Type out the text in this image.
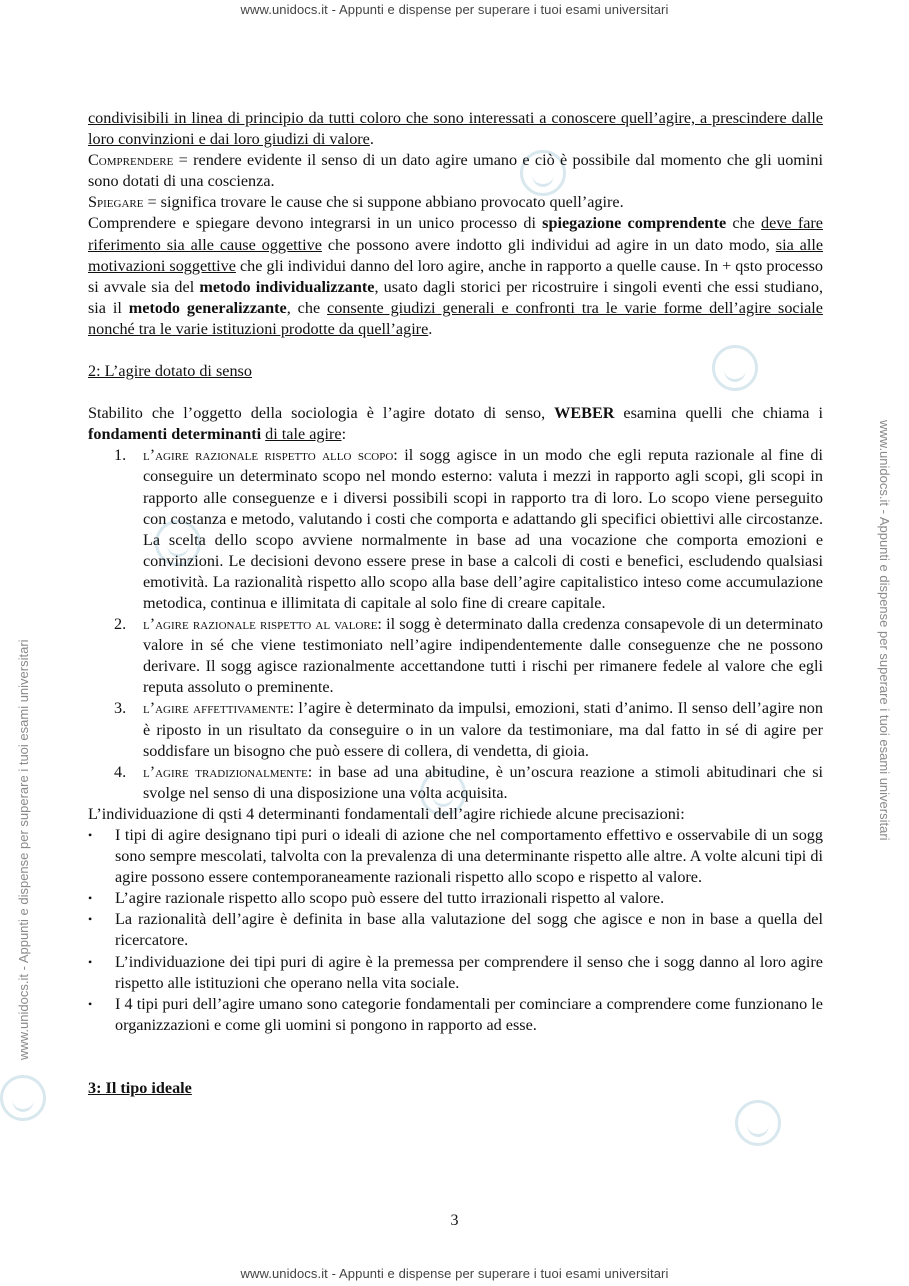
www.unidocs.it - Appunti e dispense per superare i tuoi esami universitari
www.unidocs.it - Appunti e dispense per superare i tuoi esami universitari
www.unidocs.it - Appunti e dispense per superare i tuoi esami universitari

condivisibili in linea di principio da tutti coloro che sono interessati a conoscere quell’agire, a prescindere dalle loro convinzioni e dai loro giudizi di valore.

Comprendere = rendere evidente il senso di un dato agire umano e ciò è possibile dal momento che gli uomini sono dotati di una coscienza.

Spiegare = significa trovare le cause che si suppone abbiano provocato quell’agire.

Comprendere e spiegare devono integrarsi in un unico processo di spiegazione comprendente che deve fare riferimento sia alle cause oggettive che possono avere indotto gli individui ad agire in un dato modo, sia alle motivazioni soggettive che gli individui danno del loro agire, anche in rapporto a quelle cause. In + qsto processo si avvale sia del metodo individualizzante, usato dagli storici per ricostruire i singoli eventi che essi studiano, sia il metodo generalizzante, che consente giudizi generali e confronti tra le varie forme dell’agire sociale nonché tra le varie istituzioni prodotte da quell’agire.

2: L’agire dotato di senso

Stabilito che l’oggetto della sociologia è l’agire dotato di senso, WEBER esamina quelli che chiama i fondamenti determinanti di tale agire:

1. l’agire razionale rispetto allo scopo: il sogg agisce in un modo che egli reputa razionale al fine di conseguire un determinato scopo nel mondo esterno: valuta i mezzi in rapporto agli scopi, gli scopi in rapporto alle conseguenze e i diversi possibili scopi in rapporto tra di loro. Lo scopo viene perseguito con costanza e metodo, valutando i costi che comporta e adattando gli specifici obiettivi alle circostanze. La scelta dello scopo avviene normalmente in base ad una vocazione che comporta emozioni e convinzioni. Le decisioni devono essere prese in base a calcoli di costi e benefici, escludendo qualsiasi emotività. La razionalità rispetto allo scopo alla base dell’agire capitalistico inteso come accumulazione metodica, continua e illimitata di capitale al solo fine di creare capitale.
2. l’agire razionale rispetto al valore: il sogg è determinato dalla credenza consapevole di un determinato valore in sé che viene testimoniato nell’agire indipendentemente dalle conseguenze che ne possono derivare. Il sogg agisce razionalmente accettandone tutti i rischi per rimanere fedele al valore che egli reputa assoluto o preminente.
3. l’agire affettivamente: l’agire è determinato da impulsi, emozioni, stati d’animo. Il senso dell’agire non è riposto in un risultato da conseguire o in un valore da testimoniare, ma dal fatto in sé di agire per soddisfare un bisogno che può essere di collera, di vendetta, di gioia.
4. l’agire tradizionalmente: in base ad una abitudine, è un’oscura reazione a stimoli abitudinari che si svolge nel senso di una disposizione una volta acquisita.

L’individuazione di qsti 4 determinanti fondamentali dell’agire richiede alcune precisazioni:

• I tipi di agire designano tipi puri o ideali di azione che nel comportamento effettivo e osservabile di un sogg sono sempre mescolati, talvolta con la prevalenza di una determinante rispetto alle altre. A volte alcuni tipi di agire possono essere contemporaneamente razionali rispetto allo scopo e rispetto al valore.
• L’agire razionale rispetto allo scopo può essere del tutto irrazionali rispetto al valore.
• La razionalità dell’agire è definita in base alla valutazione del sogg che agisce e non in base a quella del ricercatore.
• L’individuazione dei tipi puri di agire è la premessa per comprendere il senso che i sogg danno al loro agire rispetto alle istituzioni che operano nella vita sociale.
• I 4 tipi puri dell’agire umano sono categorie fondamentali per cominciare a comprendere come funzionano le organizzazioni e come gli uomini si pongono in rapporto ad esse.

3: Il tipo ideale

3
www.unidocs.it - Appunti e dispense per superare i tuoi esami universitari
